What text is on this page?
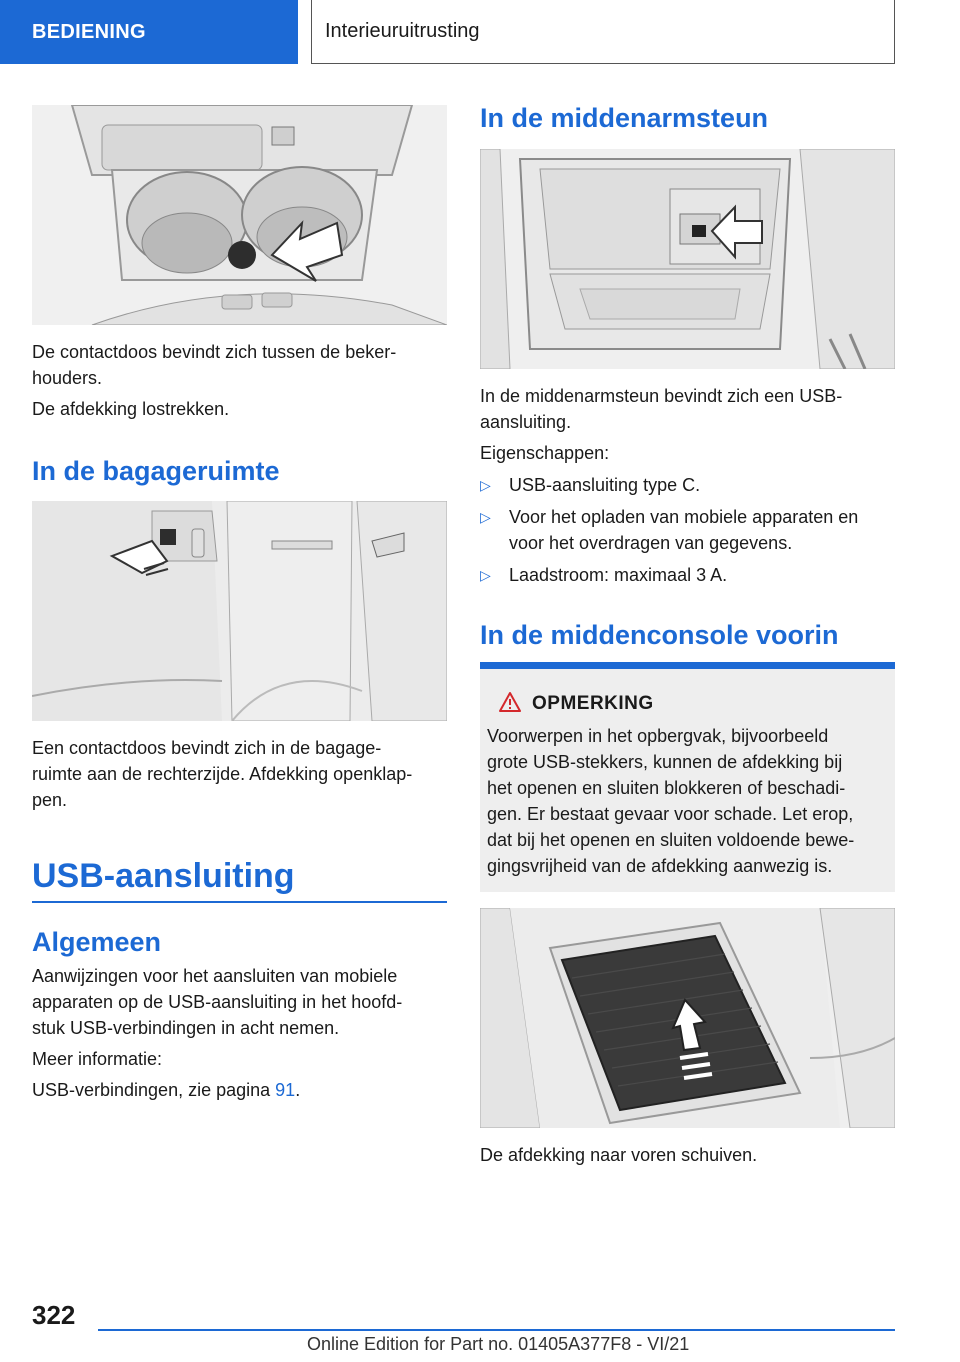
BEDIENING	Interieuruitrusting
De contactdoos bevindt zich tussen de beker‐
houders.
De afdekking lostrekken.
In de bagageruimte
Een contactdoos bevindt zich in de bagage‐
ruimte aan de rechterzijde. Afdekking openklap‐
pen.
USB-aansluiting
Algemeen
Aanwijzingen voor het aansluiten van mobiele
apparaten op de USB-aansluiting in het hoofd‐
stuk USB-verbindingen in acht nemen.
Meer informatie:
USB-verbindingen, zie pagina 91.
In de middenarmsteun
In de middenarmsteun bevindt zich een USB-
aansluiting.
Eigenschappen:
▷ USB-aansluiting type C.
▷ Voor het opladen van mobiele apparaten en
voor het overdragen van gegevens.
▷ Laadstroom: maximaal 3 A.
In de middenconsole voorin
OPMERKING
Voorwerpen in het opbergvak, bijvoorbeeld
grote USB-stekkers, kunnen de afdekking bij
het openen en sluiten blokkeren of beschadi‐
gen. Er bestaat gevaar voor schade. Let erop,
dat bij het openen en sluiten voldoende bewe‐
gingsvrijheid van de afdekking aanwezig is.
De afdekking naar voren schuiven.
322
Online Edition for Part no. 01405A377F8 - VI/21
